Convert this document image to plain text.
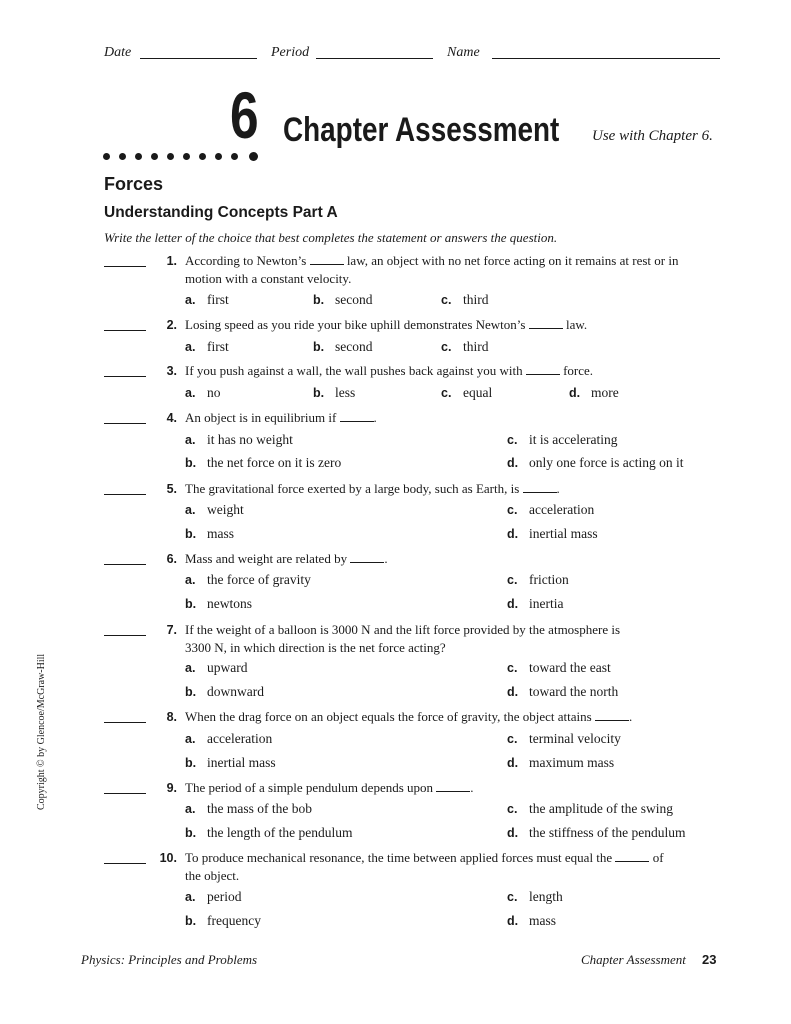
Date	Period	Name
6 Chapter Assessment Use with Chapter 6.
Forces
Understanding Concepts Part A
Write the letter of the choice that best completes the statement or answers the question.
1. According to Newton’s	law, an object with no net force acting on it remains at rest or in
motion with a constant velocity.
a. first	b. second	c. third
2. Losing speed as you ride your bike uphill demonstrates Newton’s	law.
a. first	b. second	c. third
3. If you push against a wall, the wall pushes back against you with	force.
a. no	b. less	c. equal	d. more
4. An object is in equilibrium if	.
a. it has no weight	c. it is accelerating
b. the net force on it is zero	d. only one force is acting on it
5. The gravitational force exerted by a large body, such as Earth, is	.
a. weight	c. acceleration
b. mass	d. inertial mass
6. Mass and weight are related by	.
a. the force of gravity	c. friction
b. newtons	d. inertia
7. If the weight of a balloon is 3000 N and the lift force provided by the atmosphere is
3300 N, in which direction is the net force acting?
a. upward	c. toward the east
b. downward	d. toward the north
8. When the drag force on an object equals the force of gravity, the object attains	.
a. acceleration	c. terminal velocity
b. inertial mass	d. maximum mass
9. The period of a simple pendulum depends upon	.
a. the mass of the bob	c. the amplitude of the swing
b. the length of the pendulum	d. the stiffness of the pendulum
10. To produce mechanical resonance, the time between applied forces must equal the	of
the object.
a. period	c. length
b. frequency	d. mass
Copyright © by Glencoe/McGraw-Hill
Physics: Principles and Problems	Chapter Assessment 23
